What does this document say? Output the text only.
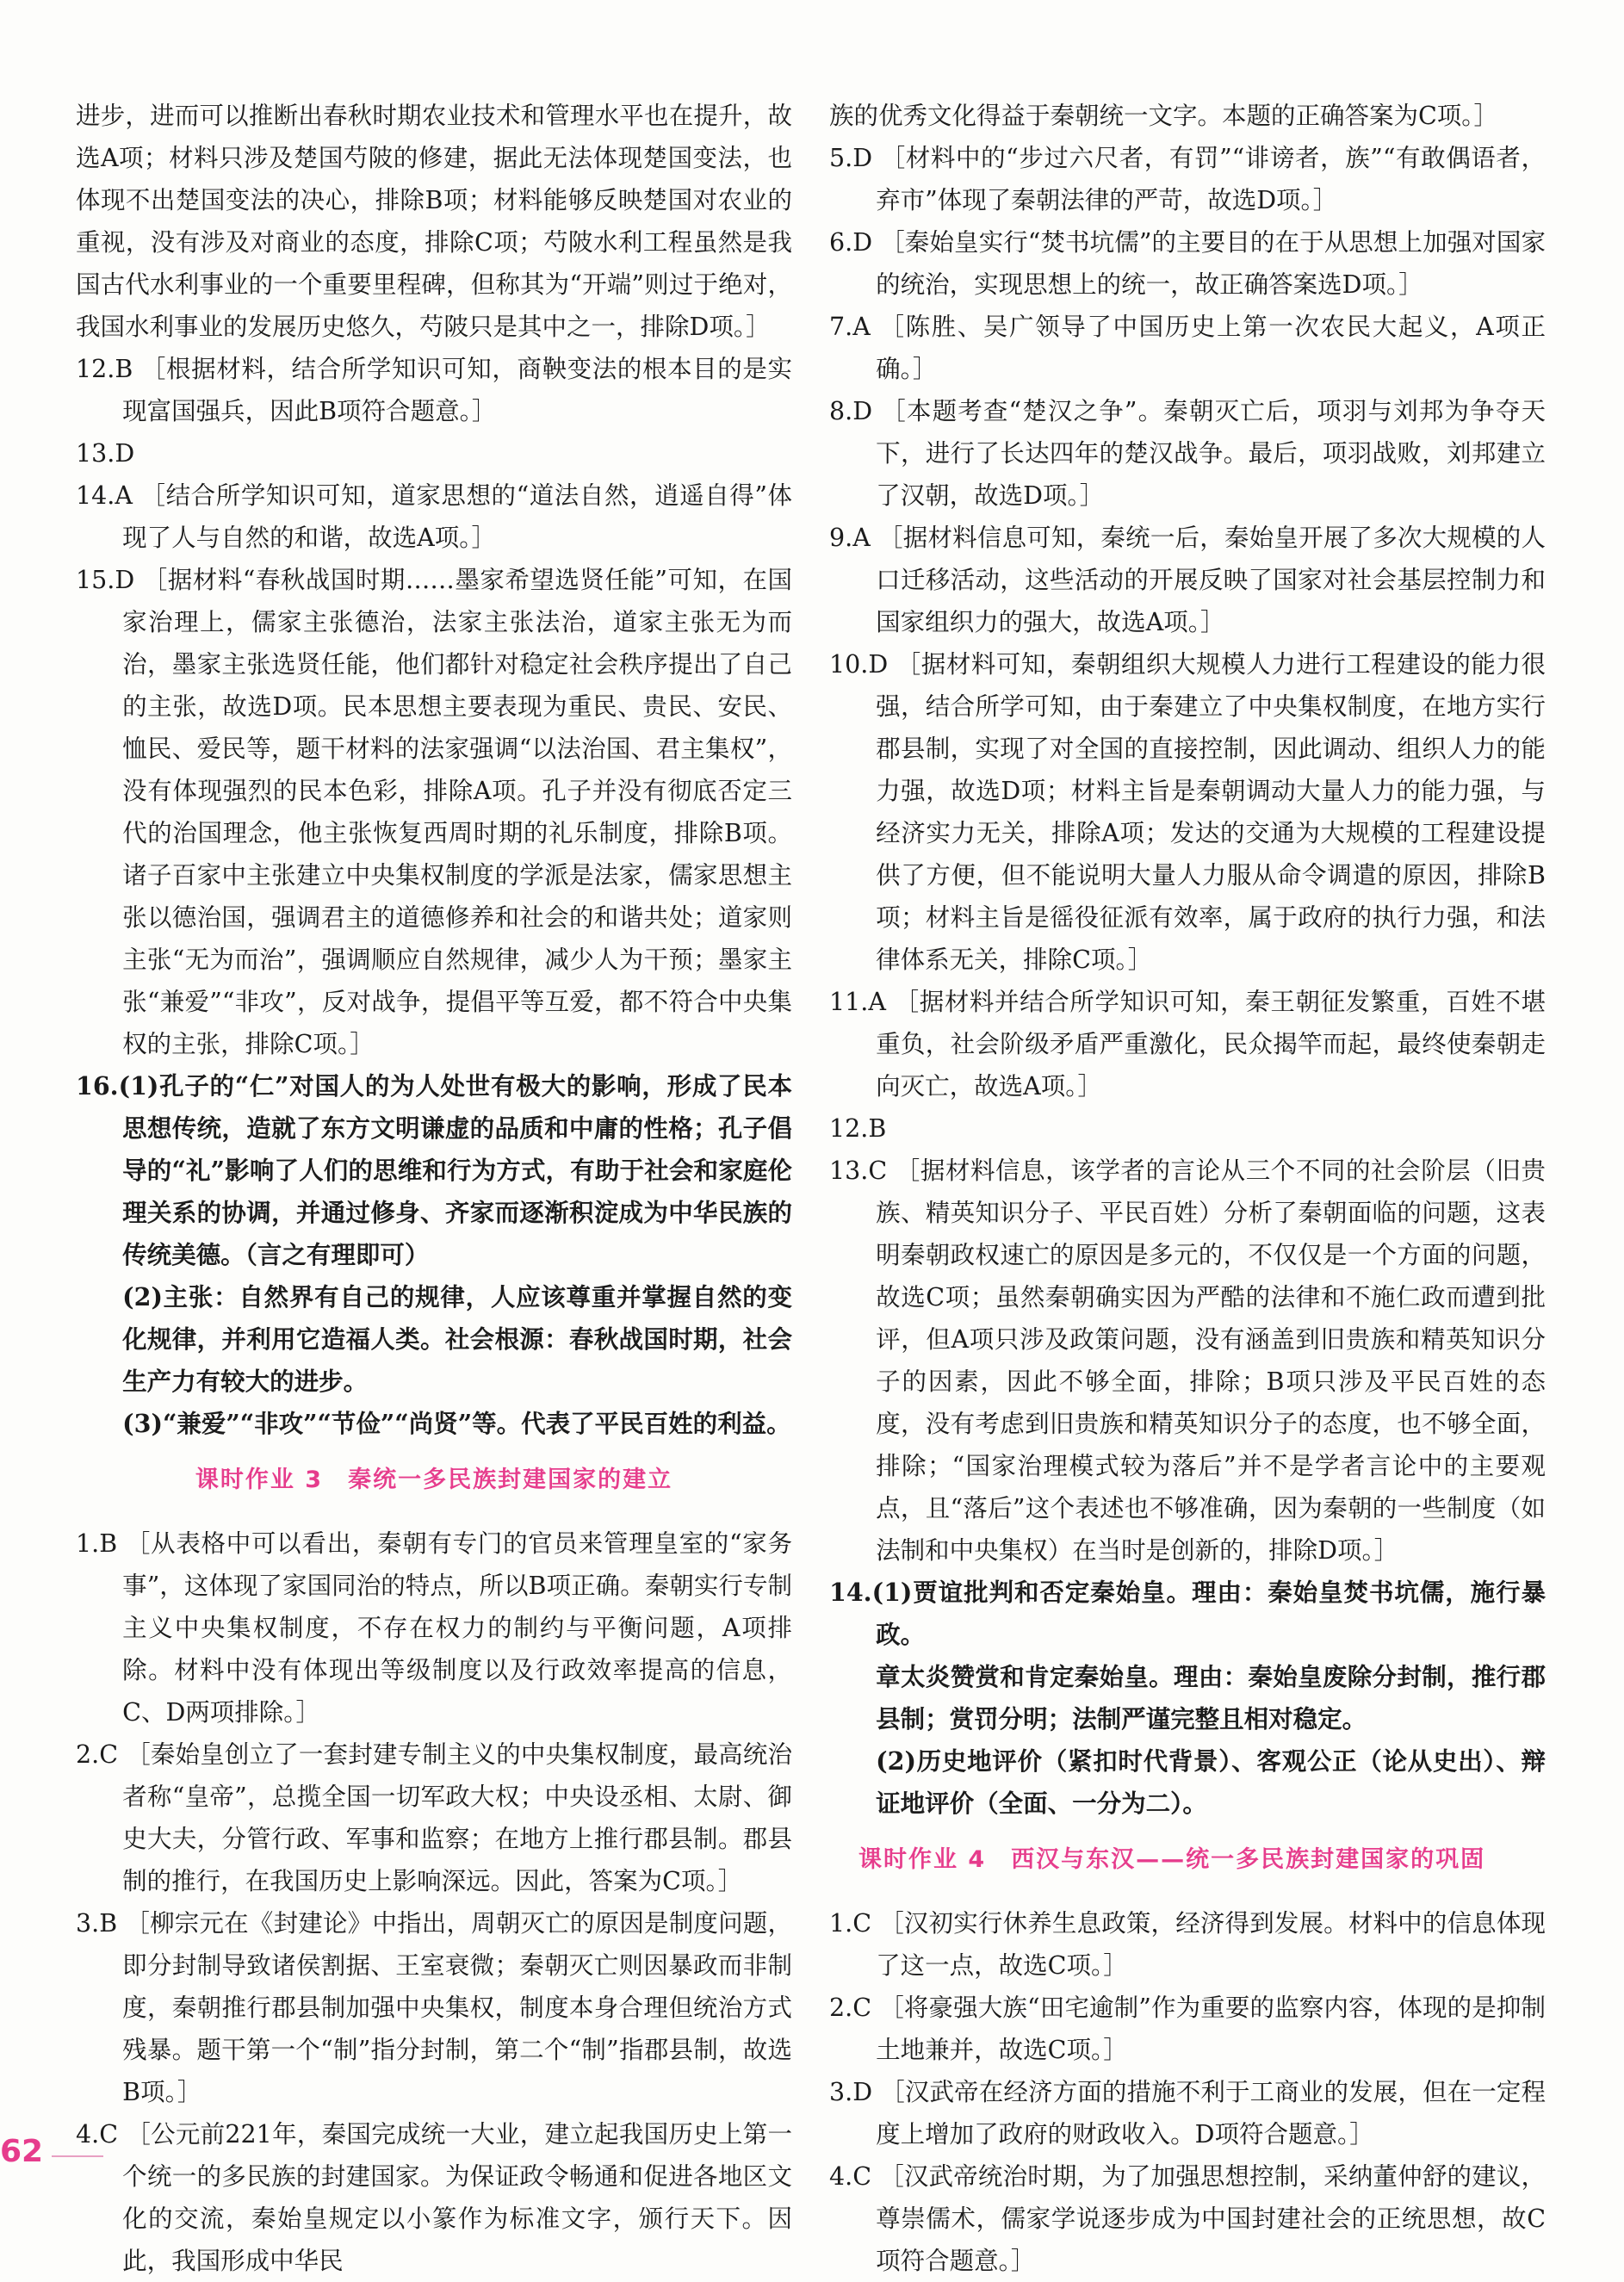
进步，进而可以推断出春秋时期农业技术和管理水平也在提升，故选A项；材料只涉及楚国芍陂的修建，据此无法体现楚国变法，也体现不出楚国变法的决心，排除B项；材料能够反映楚国对农业的重视，没有涉及对商业的态度，排除C项；芍陂水利工程虽然是我国古代水利事业的一个重要里程碑，但称其为“开端”则过于绝对，我国水利事业的发展历史悠久，芍陂只是其中之一，排除D项。］

12.B ［根据材料，结合所学知识可知，商鞅变法的根本目的是实现富国强兵，因此B项符合题意。］

13.D

14.A ［结合所学知识可知，道家思想的“道法自然，逍遥自得”体现了人与自然的和谐，故选A项。］

15.D ［据材料“春秋战国时期……墨家希望选贤任能”可知，在国家治理上，儒家主张德治，法家主张法治，道家主张无为而治，墨家主张选贤任能，他们都针对稳定社会秩序提出了自己的主张，故选D项。民本思想主要表现为重民、贵民、安民、恤民、爱民等，题干材料的法家强调“以法治国、君主集权”，没有体现强烈的民本色彩，排除A项。孔子并没有彻底否定三代的治国理念，他主张恢复西周时期的礼乐制度，排除B项。诸子百家中主张建立中央集权制度的学派是法家，儒家思想主张以德治国，强调君主的道德修养和社会的和谐共处；道家则主张“无为而治”，强调顺应自然规律，减少人为干预；墨家主张“兼爱”“非攻”，反对战争，提倡平等互爱，都不符合中央集权的主张，排除C项。］

16.(1)孔子的“仁”对国人的为人处世有极大的影响，形成了民本思想传统，造就了东方文明谦虚的品质和中庸的性格；孔子倡导的“礼”影响了人们的思维和行为方式，有助于社会和家庭伦理关系的协调，并通过修身、齐家而逐渐积淀成为中华民族的传统美德。（言之有理即可）

(2)主张：自然界有自己的规律，人应该尊重并掌握自然的变化规律，并利用它造福人类。社会根源：春秋战国时期，社会生产力有较大的进步。

(3)“兼爱”“非攻”“节俭”“尚贤”等。代表了平民百姓的利益。

课时作业 3　秦统一多民族封建国家的建立

1.B ［从表格中可以看出，秦朝有专门的官员来管理皇室的“家务事”，这体现了家国同治的特点，所以B项正确。秦朝实行专制主义中央集权制度，不存在权力的制约与平衡问题，A项排除。材料中没有体现出等级制度以及行政效率提高的信息，C、D两项排除。］

2.C ［秦始皇创立了一套封建专制主义的中央集权制度，最高统治者称“皇帝”，总揽全国一切军政大权；中央设丞相、太尉、御史大夫，分管行政、军事和监察；在地方上推行郡县制。郡县制的推行，在我国历史上影响深远。因此，答案为C项。］

3.B ［柳宗元在《封建论》中指出，周朝灭亡的原因是制度问题，即分封制导致诸侯割据、王室衰微；秦朝灭亡则因暴政而非制度，秦朝推行郡县制加强中央集权，制度本身合理但统治方式残暴。题干第一个“制”指分封制，第二个“制”指郡县制，故选B项。］

4.C ［公元前221年，秦国完成统一大业，建立起我国历史上第一个统一的多民族的封建国家。为保证政令畅通和促进各地区文化的交流，秦始皇规定以小篆作为标准文字，颁行天下。因此，我国形成中华民

族的优秀文化得益于秦朝统一文字。本题的正确答案为C项。］

5.D ［材料中的“步过六尺者，有罚”“诽谤者，族”“有敢偶语者，弃市”体现了秦朝法律的严苛，故选D项。］

6.D ［秦始皇实行“焚书坑儒”的主要目的在于从思想上加强对国家的统治，实现思想上的统一，故正确答案选D项。］

7.A ［陈胜、吴广领导了中国历史上第一次农民大起义，A项正确。］

8.D ［本题考查“楚汉之争”。秦朝灭亡后，项羽与刘邦为争夺天下，进行了长达四年的楚汉战争。最后，项羽战败，刘邦建立了汉朝，故选D项。］

9.A ［据材料信息可知，秦统一后，秦始皇开展了多次大规模的人口迁移活动，这些活动的开展反映了国家对社会基层控制力和国家组织力的强大，故选A项。］

10.D ［据材料可知，秦朝组织大规模人力进行工程建设的能力很强，结合所学可知，由于秦建立了中央集权制度，在地方实行郡县制，实现了对全国的直接控制，因此调动、组织人力的能力强，故选D项；材料主旨是秦朝调动大量人力的能力强，与经济实力无关，排除A项；发达的交通为大规模的工程建设提供了方便，但不能说明大量人力服从命令调遣的原因，排除B项；材料主旨是徭役征派有效率，属于政府的执行力强，和法律体系无关，排除C项。］

11.A ［据材料并结合所学知识可知，秦王朝征发繁重，百姓不堪重负，社会阶级矛盾严重激化，民众揭竿而起，最终使秦朝走向灭亡，故选A项。］

12.B

13.C ［据材料信息，该学者的言论从三个不同的社会阶层（旧贵族、精英知识分子、平民百姓）分析了秦朝面临的问题，这表明秦朝政权速亡的原因是多元的，不仅仅是一个方面的问题，故选C项；虽然秦朝确实因为严酷的法律和不施仁政而遭到批评，但A项只涉及政策问题，没有涵盖到旧贵族和精英知识分子的因素，因此不够全面，排除；B项只涉及平民百姓的态度，没有考虑到旧贵族和精英知识分子的态度，也不够全面，排除；“国家治理模式较为落后”并不是学者言论中的主要观点，且“落后”这个表述也不够准确，因为秦朝的一些制度（如法制和中央集权）在当时是创新的，排除D项。］

14.(1)贾谊批判和否定秦始皇。理由：秦始皇焚书坑儒，施行暴政。

章太炎赞赏和肯定秦始皇。理由：秦始皇废除分封制，推行郡县制；赏罚分明；法制严谨完整且相对稳定。

(2)历史地评价（紧扣时代背景）、客观公正（论从史出）、辩证地评价（全面、一分为二）。

课时作业 4　西汉与东汉——统一多民族封建国家的巩固

1.C ［汉初实行休养生息政策，经济得到发展。材料中的信息体现了这一点，故选C项。］

2.C ［将豪强大族“田宅逾制”作为重要的监察内容，体现的是抑制土地兼并，故选C项。］

3.D ［汉武帝在经济方面的措施不利于工商业的发展，但在一定程度上增加了政府的财政收入。D项符合题意。］

4.C ［汉武帝统治时期，为了加强思想控制，采纳董仲舒的建议，尊崇儒术，儒家学说逐步成为中国封建社会的正统思想，故C项符合题意。］

62
